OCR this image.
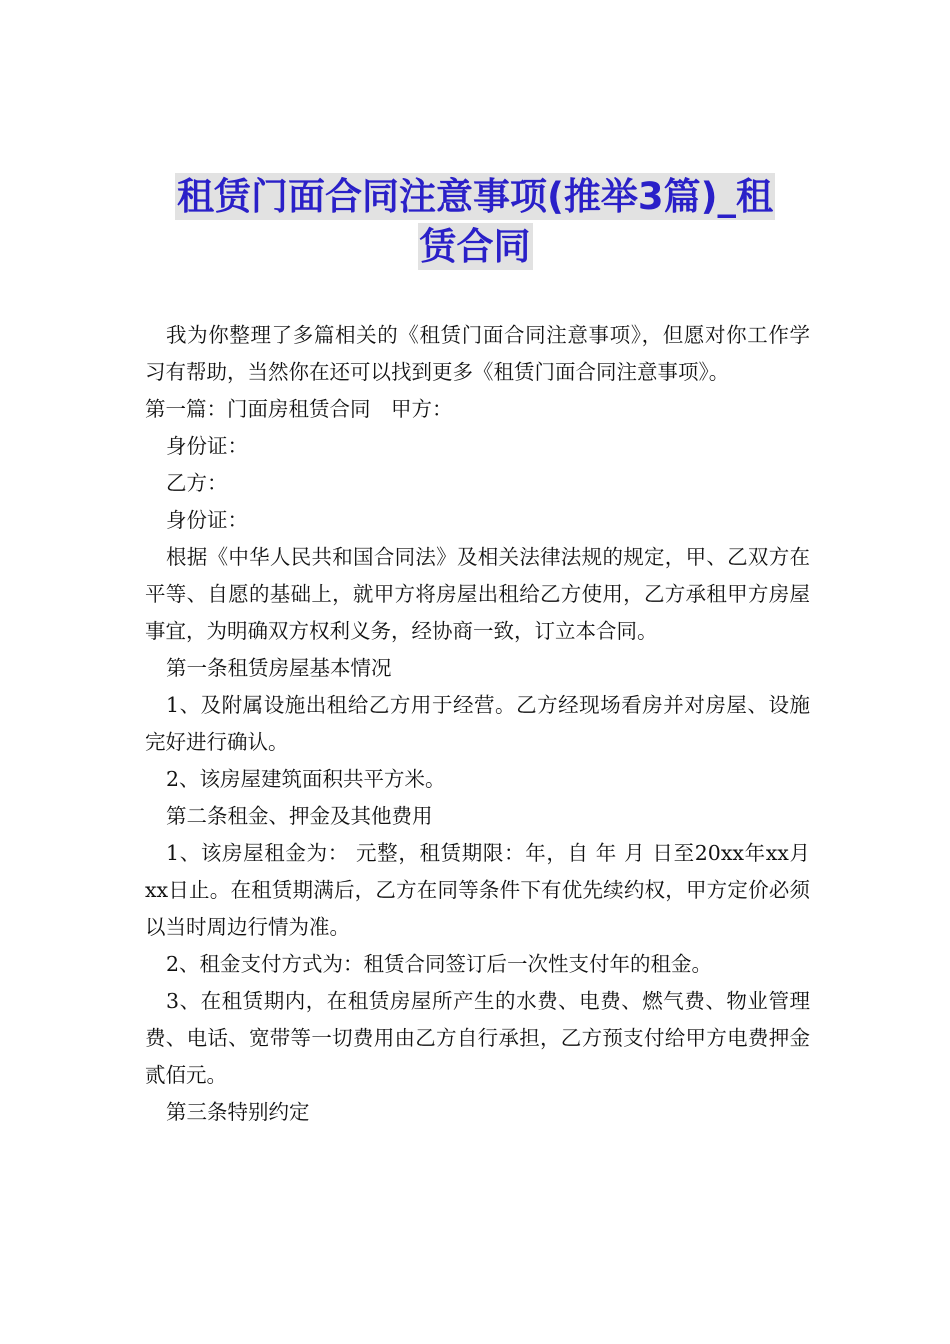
租赁门面合同注意事项(推举3篇)_租
赁合同

我为你整理了多篇相关的《租赁门面合同注意事项》，但愿对你工作学习有帮助，当然你在还可以找到更多《租赁门面合同注意事项》。

第一篇：门面房租赁合同　甲方：

身份证：

乙方：

身份证：

根据《中华人民共和国合同法》及相关法律法规的规定，甲、乙双方在平等、自愿的基础上，就甲方将房屋出租给乙方使用，乙方承租甲方房屋事宜，为明确双方权利义务，经协商一致，订立本合同。

第一条租赁房屋基本情况

1、及附属设施出租给乙方用于经营。乙方经现场看房并对房屋、设施完好进行确认。

2、该房屋建筑面积共平方米。

第二条租金、押金及其他费用

1、该房屋租金为： 元整，租赁期限：年，自 年 月 日至20xx年xx月xx日止。在租赁期满后，乙方在同等条件下有优先续约权，甲方定价必须以当时周边行情为准。

2、租金支付方式为：租赁合同签订后一次性支付年的租金。

3、在租赁期内，在租赁房屋所产生的水费、电费、燃气费、物业管理费、电话、宽带等一切费用由乙方自行承担，乙方预支付给甲方电费押金贰佰元。

第三条特别约定
